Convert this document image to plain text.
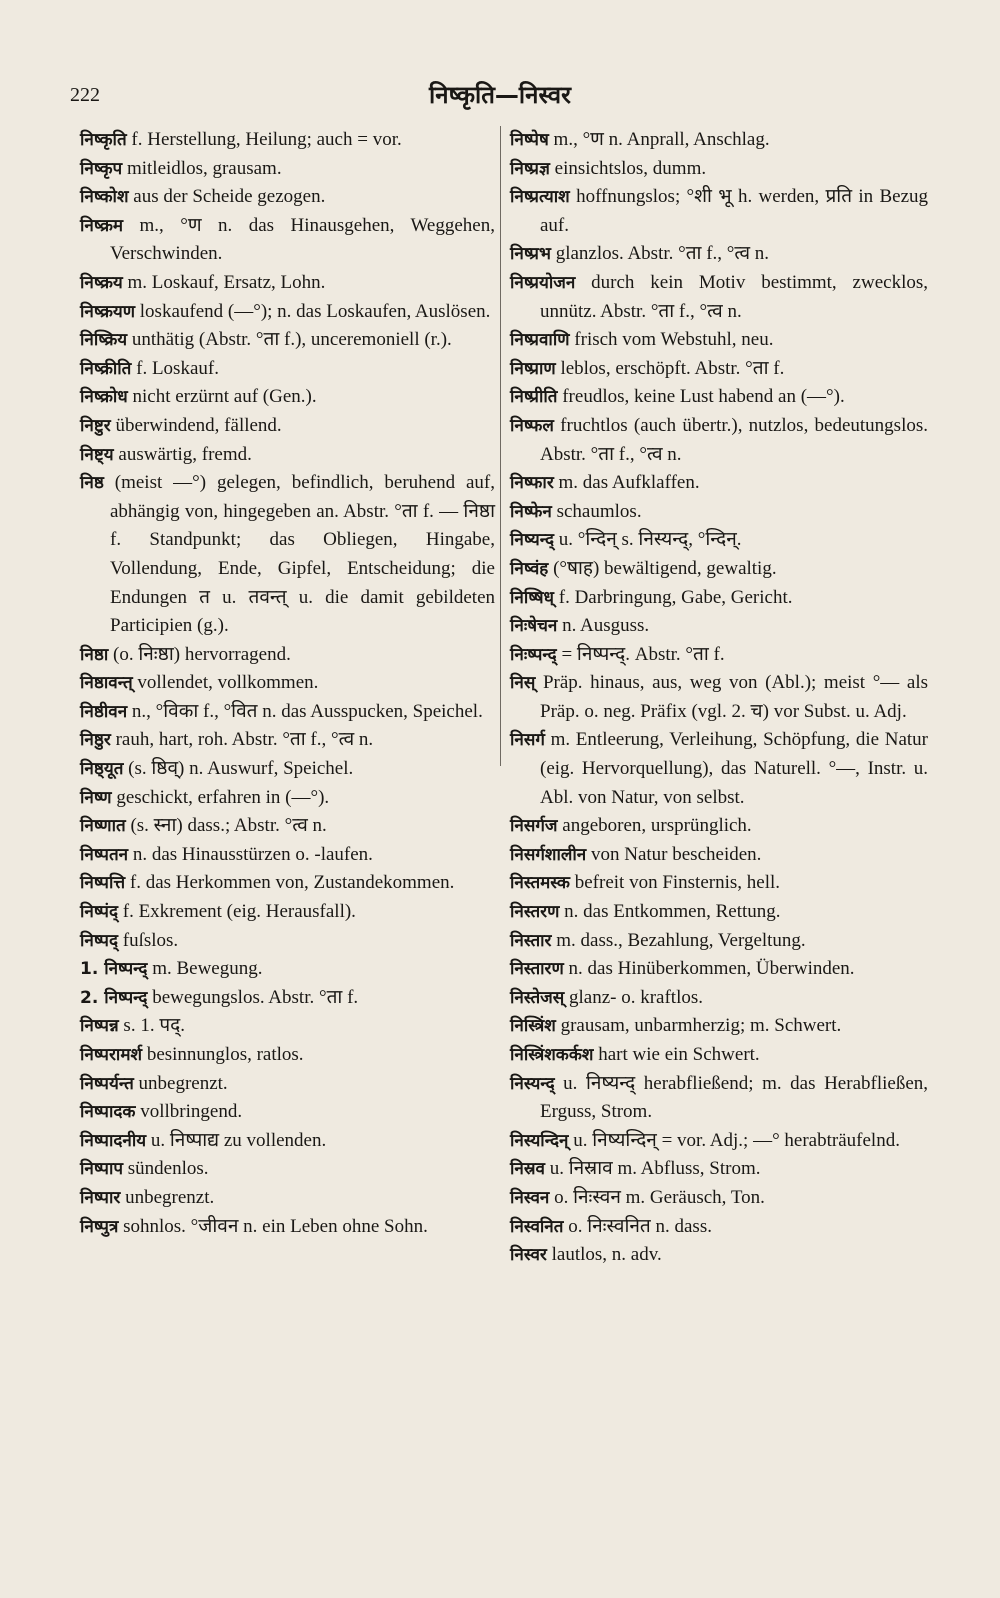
222	निष्कृति—निस्वर

निष्कृति f. Herstellung, Heilung; auch = vor.

निष्कृप mitleidlos, grausam.

निष्कोश aus der Scheide gezogen.

निष्क्रम m., °ण n. das Hinausgehen, Weggehen, Verschwinden.

निष्क्रय m. Loskauf, Ersatz, Lohn.

निष्क्रयण loskaufend (—°); n. das Loskaufen, Auslösen.

निष्क्रिय unthätig (Abstr. °ता f.), unceremoniell (r.).

निष्क्रीति f. Loskauf.

निष्क्रोध nicht erzürnt auf (Gen.).

निष्टुर überwindend, fällend.

निष्ट्य auswärtig, fremd.

निष्ठ (meist —°) gelegen, befindlich, beruhend auf, abhängig von, hingegeben an. Abstr. °ता f. — निष्ठा f. Standpunkt; das Obliegen, Hingabe, Vollendung, Ende, Gipfel, Entscheidung; die Endungen त u. तवन्त् u. die damit gebildeten Participien (g.).

निष्ठा (o. निःष्ठा) hervorragend.

निष्ठावन्त् vollendet, vollkommen.

निष्ठीवन n., °विका f., °वित n. das Ausspucken, Speichel.

निष्ठुर rauh, hart, roh. Abstr. °ता f., °त्व n.

निष्ठ्यूत (s. ष्ठिव्) n. Auswurf, Speichel.

निष्ण geschickt, erfahren in (—°).

निष्णात (s. स्ना) dass.; Abstr. °त्व n.

निष्पतन n. das Hinausstürzen o. -laufen.

निष्पत्ति f. das Herkommen von, Zustandekommen.

निष्पंद् f. Exkrement (eig. Herausfall).

निष्पद् fuſslos.

1. निष्पन्द् m. Bewegung.

2. निष्पन्द् bewegungslos. Abstr. °ता f.

निष्पन्न s. 1. पद्.

निष्परामर्श besinnunglos, ratlos.

निष्पर्यन्त unbegrenzt.

निष्पादक vollbringend.

निष्पादनीय u. निष्पाद्य zu vollenden.

निष्पाप sündenlos.

निष्पार unbegrenzt.

निष्पुत्र sohnlos. °जीवन n. ein Leben ohne Sohn.

निष्पेष m., °ण n. Anprall, Anschlag.

निष्प्रज्ञ einsichtslos, dumm.

निष्प्रत्याश hoffnungslos; °शी भू h. werden, प्रति in Bezug auf.

निष्प्रभ glanzlos. Abstr. °ता f., °त्व n.

निष्प्रयोजन durch kein Motiv bestimmt, zwecklos, unnütz. Abstr. °ता f., °त्व n.

निष्प्रवाणि frisch vom Webstuhl, neu.

निष्प्राण leblos, erschöpft. Abstr. °ता f.

निष्प्रीति freudlos, keine Lust habend an (—°).

निष्फल fruchtlos (auch übertr.), nutzlos, bedeutungslos. Abstr. °ता f., °त्व n.

निष्फार m. das Aufklaffen.

निष्फेन schaumlos.

निष्यन्द् u. °न्दिन् s. निस्यन्द्, °न्दिन्.

निष्वंह (°षाह) bewältigend, gewaltig.

निष्षिध् f. Darbringung, Gabe, Gericht.

निःषेचन n. Ausguss.

निःष्पन्द् = निष्पन्द्. Abstr. °ता f.

निस् Präp. hinaus, aus, weg von (Abl.); meist °— als Präp. o. neg. Präfix (vgl. 2. च) vor Subst. u. Adj.

निसर्ग m. Entleerung, Verleihung, Schöpfung, die Natur (eig. Hervorquellung), das Naturell. °—, Instr. u. Abl. von Natur, von selbst.

निसर्गज angeboren, ursprünglich.

निसर्गशालीन von Natur bescheiden.

निस्तमस्क befreit von Finsternis, hell.

निस्तरण n. das Entkommen, Rettung.

निस्तार m. dass., Bezahlung, Vergeltung.

निस्तारण n. das Hinüberkommen, Überwinden.

निस्तेजस् glanz- o. kraftlos.

निस्त्रिंश grausam, unbarmherzig; m. Schwert.

निस्त्रिंशकर्कश hart wie ein Schwert.

निस्यन्द् u. निष्यन्द् herabfließend; m. das Herabfließen, Erguss, Strom.

निस्यन्दिन् u. निष्यन्दिन् = vor. Adj.; —° herabträufelnd.

निस्रव u. निस्राव m. Abfluss, Strom.

निस्वन o. निःस्वन m. Geräusch, Ton.

निस्वनित o. निःस्वनित n. dass.

निस्वर lautlos, n. adv.
